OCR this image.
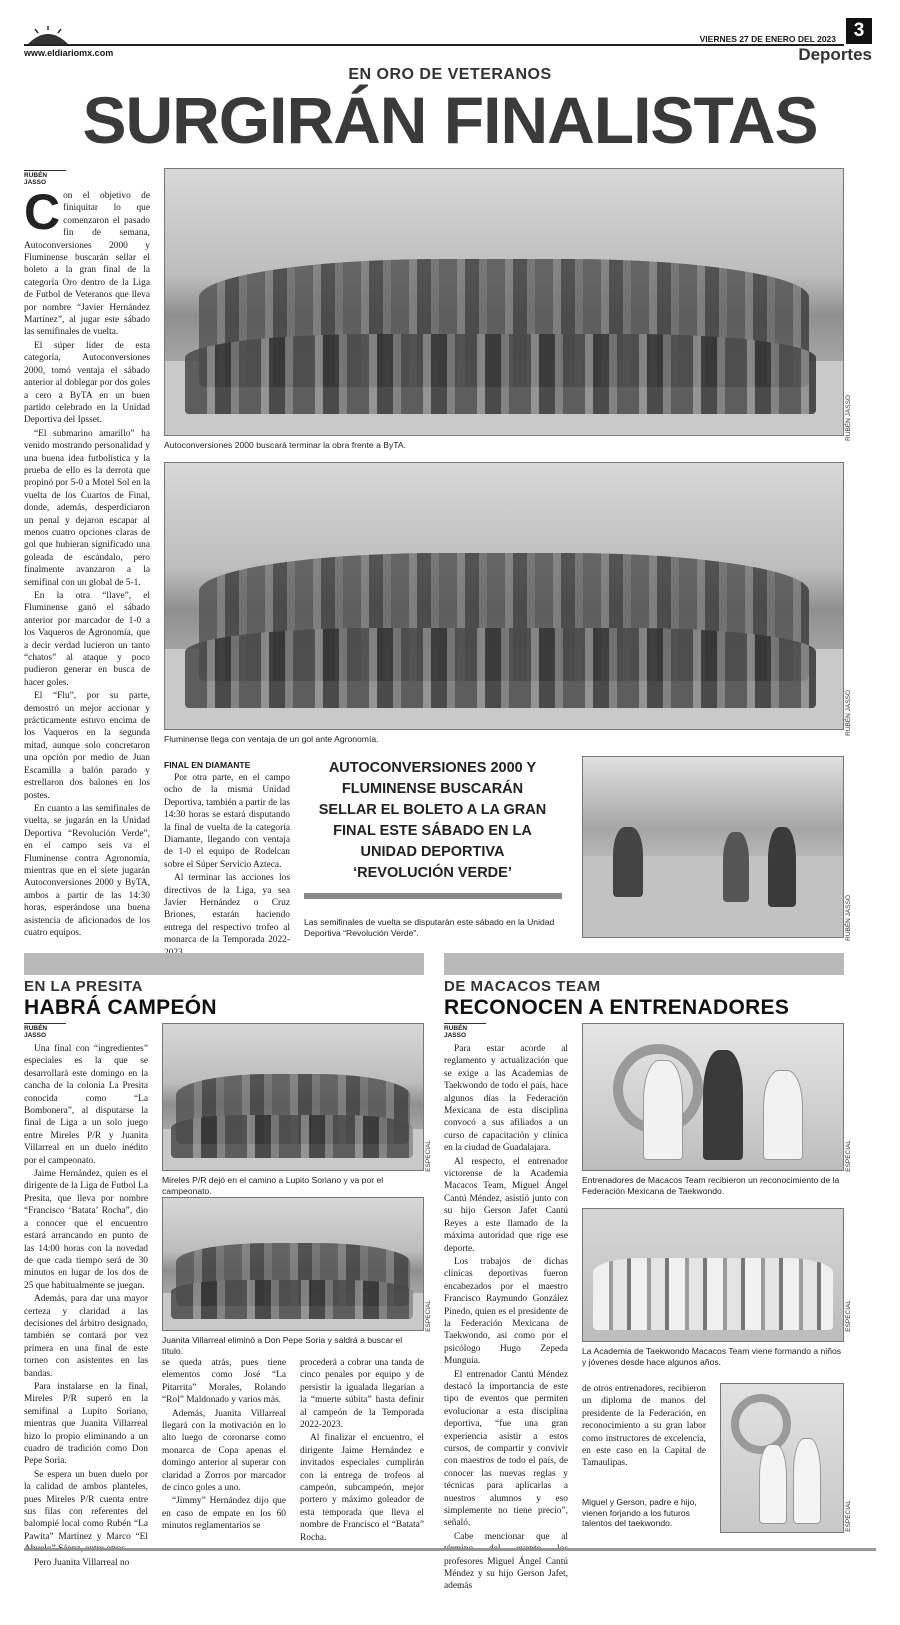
www.eldiariomx.com
VIERNES 27 DE ENERO DEL 2023 3
Deportes
EN ORO DE VETERANOS
SURGIRÁN FINALISTAS
RUBÉN JASSO
C on el objetivo de finiquitar lo que comenzaron el pasado fin de semana, Autoconversiones 2000 y Fluminense buscarán sellar el boleto a la gran final de la categoría Oro dentro de la Liga de Futbol de Veteranos que lleva por nombre “Javier Hernández Martínez”, al jugar este sábado las semifinales de vuelta.

El súper líder de esta categoría, Autoconversiones 2000, tomó ventaja el sábado anterior al doblegar por dos goles a cero a ByTA en un buen partido celebrado en la Unidad Deportiva del Ipsset.

“El submarino amarillo” ha venido mostrando personalidad y una buena idea futbolística y la prueba de ello es la derrota que propinó por 5-0 a Motel Sol en la vuelta de los Cuartos de Final, donde, además, desperdiciaron un penal y dejaron escapar al menos cuatro opciones claras de gol que hubieran significado una goleada de escándalo, pero finalmente avanzaron a la semifinal con un global de 5-1.

En la otra “llave”, el Fluminense ganó el sábado anterior por marcador de 1-0 a los Vaqueros de Agronomía, que a decir verdad lucieron un tanto “chatos” al ataque y poco pudieron generar en busca de hacer goles.

El “Flu”, por su parte, demostró un mejor accionar y prácticamente estuvo encima de los Vaqueros en la segunda mitad, aunque solo concretaron una opción por medio de Juan Escamilla a balón parado y estrellaron dos balones en los postes.

En cuanto a las semifinales de vuelta, se jugarán en la Unidad Deportiva “Revolución Verde”, en el campo seis va el Fluminense contra Agronomía, mientras que en el siete jugarán Autoconversiones 2000 y ByTA, ambos a partir de las 14:30 horas, esperándose una buena asistencia de aficionados de los cuatro equipos.

RUBÉN JASSO
Autoconversiones 2000 buscará terminar la obra frente a ByTA.
RUBÉN JASSO
Fluminense llega con ventaja de un gol ante Agronomía.
FINAL EN DIAMANTE

Por otra parte, en el campo ocho de la misma Unidad Deportiva, también a partir de las 14:30 horas se estará disputando la final de vuelta de la categoría Diamante, llegando con ventaja de 1-0 el equipo de Rodelcan sobre el Súper Servicio Azteca.

Al terminar las acciones los directivos de la Liga, ya sea Javier Hernández o Cruz Briones, estarán haciendo entrega del respectivo trofeo al monarca de la Temporada 2022-

AUTOCONVERSIONES 2000 Y FLUMINENSE BUSCARÁN SELLAR EL BOLETO A LA GRAN FINAL ESTE SÁBADO EN LA UNIDAD DEPORTIVA ‘REVOLUCIÓN VERDE’
RUBÉN JASSO
Las semifinales de vuelta se disputarán este sábado en la Unidad Deportiva “Revolución Verde”.
EN LA PRESITA
HABRÁ CAMPEÓN
RUBÉN JASSO

Una final con “ingredientes” especiales es la que se desarrollará este domingo en la cancha de la colonia La Presita conocida como “La Bombonera”, al disputarse la final de Liga a un solo juego entre Mireles P/R y Juanita Villarreal en un duelo inédito por el campeonato.

Jaime Hernández, quien es el dirigente de la Liga de Futbol La Presita, que lleva por nombre “Francisco ‘Batata’ Rocha”, dio a conocer que el encuentro estará arrancando en punto de las 14:00 horas con la novedad de que cada tiempo será de 30 minutos en lugar de los dos de 25 que habitualmente se juegan.

Además, para dar una mayor certeza y claridad a las decisiones del árbitro designado, también se contará por vez primera en una final de este torneo con asistentes en las bandas.

Para instalarse en la final, Mireles P/R superó en la semifinal a Lupito Soriano, mientras que Juanita Villarreal hizo lo propio eliminando a un cuadro de tradición como Don Pepe Soria.

Se espera un buen duelo por la calidad de ambos planteles, pues Mireles P/R cuenta entre sus filas con referentes del balompié local como Rubén “La Pawita” Martínez y Marco “El

Pero Juanita Villarreal no

ESPECIAL
Mireles P/R dejó en el camino a Lupito Soriano y va por el campeonato.
ESPECIAL
Juanita Villarreal eliminó a Don Pepe Soria y saldrá a buscar el título.

se queda atrás, pues tiene elementos como José “La Pitarrita” Morales, Rolando “Rol” Maldonado y varios más.

Además, Juanita Villarreal llegará con la motivación en lo alto luego de coronarse como monarca de Copa apenas el domingo anterior al superar con claridad a Zorros por marcador de cinco goles a uno.

“Jimmy” Hernández dijo que en caso de empate en los 60 minutos reglamentarios se

procederá a cobrar una tanda de cinco penales por equipo y de persistir la igualada llegarían a la “muerte súbita” hasta definir al campeón de la Temporada 2022-2023.

Al finalizar el encuentro, el dirigente Jaime Hernández e invitados especiales cumplirán con la entrega de trofeos al campeón, subcampeón, mejor portero y máximo goleador de esta temporada que lleva el nombre de Francisco el “Batata” Rocha.

DE MACACOS TEAM
RECONOCEN A ENTRENADORES
RUBÉN JASSO

Para estar acorde al reglamento y actualización que se exige a las Academias de Taekwondo de todo el país, hace algunos días la Federación Mexicana de esta disciplina convocó a sus afiliados a un curso de capacitación y clínica en la ciudad de Guadalajara.

Al respecto, el entrenador victorense de la Academia Macacos Team, Miguel Ángel Cantú Méndez, asistió junto con su hijo Gerson Jafet Cantú Reyes a este llamado de la máxima autoridad que rige ese deporte.

Los trabajos de dichas clínicas deportivas fueron encabezados por el maestro Francisco Raymundo González Pinedo, quien es el presidente de la Federación Mexicana de Taekwondo, así como por el psicólogo Hugo Zepeda Munguía.

El entrenador Cantú Méndez destacó la importancia de este tipo de eventos que permiten evolucionar a esta disciplina deportiva, “fue una gran experiencia asistir a estos cursos, de compartir y convivir con maestros de todo el país, de conocer las nuevas reglas y técnicas para aplicarlas a nuestros alumnos y eso simplemente no tiene precio”, señaló.

Cabe mencionar que al profesores Miguel Ángel Cantú Méndez y su hijo Gerson Jafet, además

ESPECIAL
Entrenadores de Macacos Team recibieron un reconocimiento de la Federación Mexicana de Taekwondo.
ESPECIAL
La Academia de Taekwondo Macacos Team viene formando a niños y jóvenes desde hace algunos años.

de otros entrenadores, recibieron un diploma de manos del presidente de la Federación, en reconocimiento a su gran labor como instructores de excelencia, en este caso en la Capital de Tamaulipas.

ESPECIAL
Miguel y Gerson, padre e hijo, vienen forjando a los futuros talentos del taekwondo.
